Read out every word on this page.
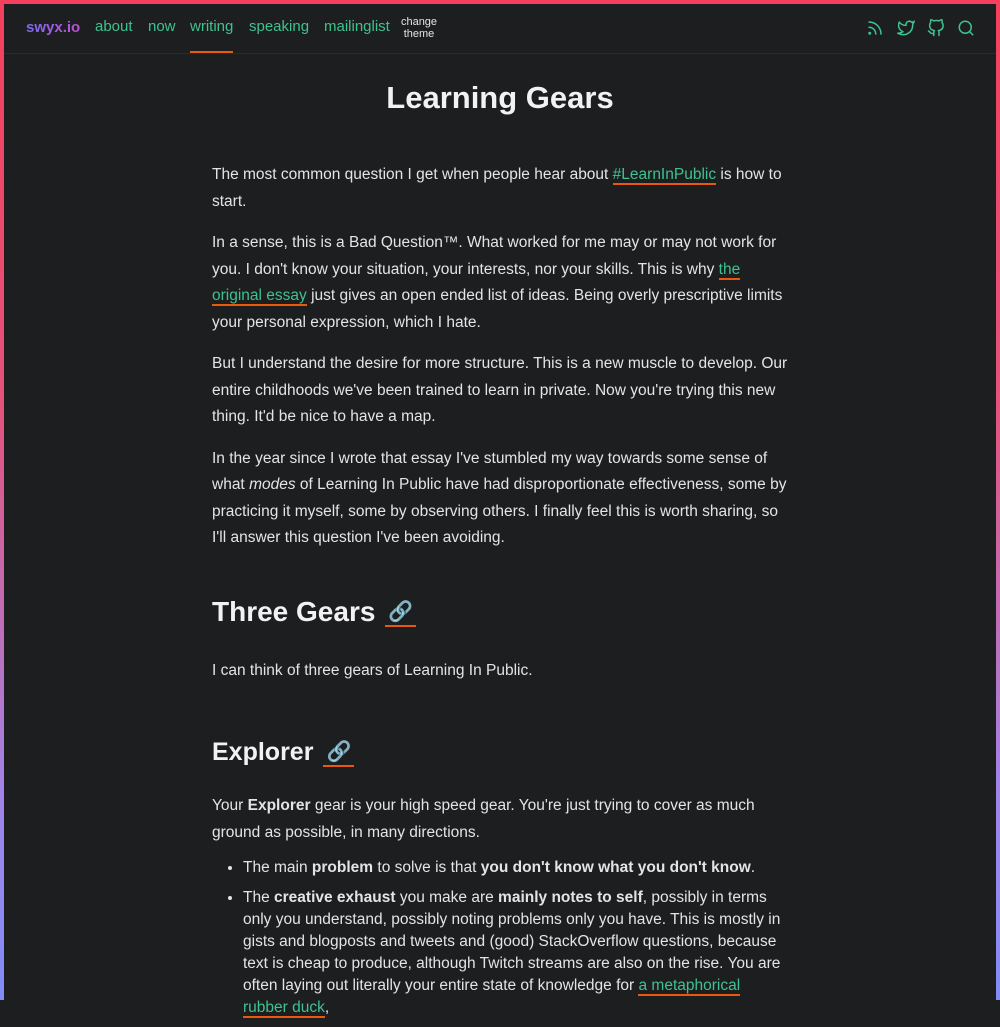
swyx.io about now writing speaking mailinglist change
theme
Learning Gears

The most common question I get when people hear about #LearnInPublic is how to start.

In a sense, this is a Bad Question™. What worked for me may or may not work for you. I don't know your situation, your interests, nor your skills. This is why the original essay just gives an open ended list of ideas. Being overly prescriptive limits your personal expression, which I hate.

But I understand the desire for more structure. This is a new muscle to develop. Our entire childhoods we've been trained to learn in private. Now you're trying this new thing. It'd be nice to have a map.

In the year since I wrote that essay I've stumbled my way towards some sense of what modes of Learning In Public have had disproportionate effectiveness, some by practicing it myself, some by observing others. I finally feel this is worth sharing, so I'll answer this question I've been avoiding.

Three Gears 🔗

I can think of three gears of Learning In Public.

Explorer 🔗

Your Explorer gear is your high speed gear. You're just trying to cover as much ground as possible, in many directions.

• The main problem to solve is that you don't know what you don't know.
• The creative exhaust you make are mainly notes to self, possibly in terms only you understand, possibly noting problems only you have. This is mostly in gists and blogposts and tweets and (good) StackOverflow questions, because text is cheap to produce, although Twitch streams are also on the rise. You are often laying out literally your entire state of knowledge for a metaphorical rubber duck,
